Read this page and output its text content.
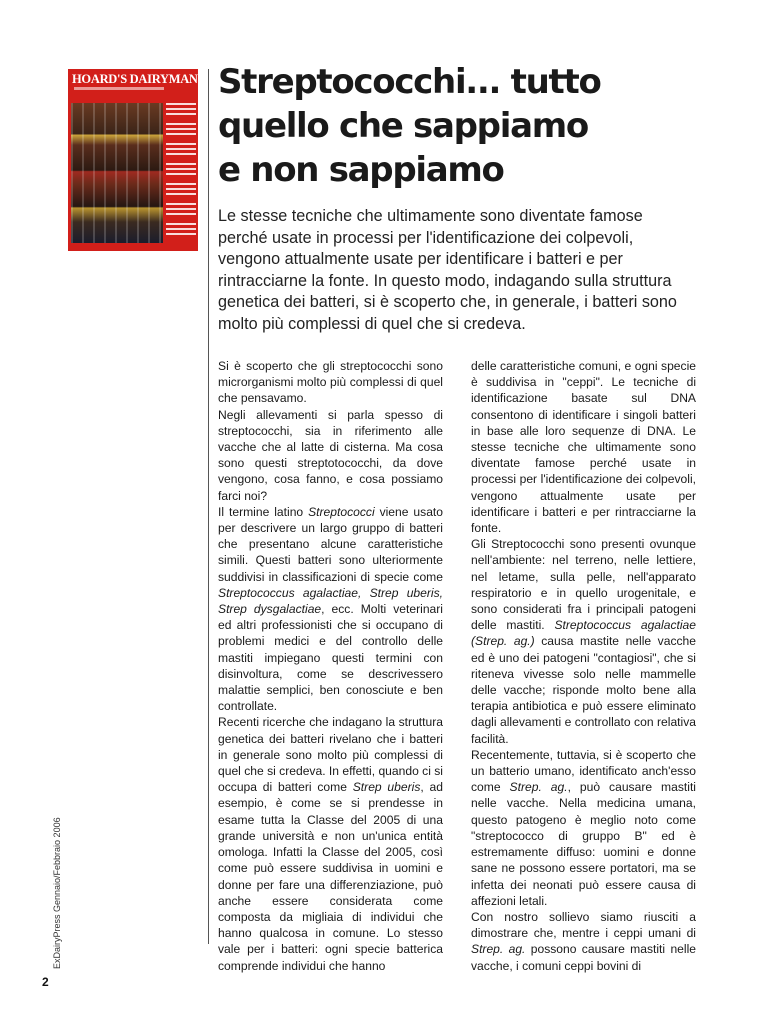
HOARD'S DAIRYMAN Streptococchi... tutto
quello che sappiamo
e non sappiamo

Le stesse tecniche che ultimamente sono diventate famose perché usate in processi per l'identificazione dei colpevoli, vengono attualmente usate per identificare i batteri e per rintracciarne la fonte. In questo modo, indagando sulla struttura genetica dei batteri, si è scoperto che, in generale, i batteri sono molto più complessi di quel che si credeva.

Si è scoperto che gli streptococchi sono microrganismi molto più complessi di quel che pensavamo.

Negli allevamenti si parla spesso di streptococchi, sia in riferimento alle vacche che al latte di cisterna. Ma cosa sono questi streptotococchi, da dove vengono, cosa fanno, e cosa possiamo farci noi?

Il termine latino Streptococci viene usato per descrivere un largo gruppo di batteri che presentano alcune caratteristiche simili. Questi batteri sono ulteriormente suddivisi in classificazioni di specie come Streptococcus agalactiae, Strep uberis, Strep dysgalactiae, ecc. Molti veterinari ed altri professionisti che si occupano di problemi medici e del controllo delle mastiti impiegano questi termini con disinvoltura, come se descrivessero malattie semplici, ben conosciute e ben controllate.

Recenti ricerche che indagano la struttura genetica dei batteri rivelano che i batteri in generale sono molto più complessi di quel che si credeva. In effetti, quando ci si occupa di batteri come Strep uberis, ad esempio, è come se si prendesse in esame tutta la Classe del 2005 di una grande università e non un'unica entità omologa. Infatti la Classe del 2005, così come può essere suddivisa in uomini e donne per fare una differenziazione, può anche essere considerata come composta da migliaia di individui che hanno qualcosa in comune. Lo stesso vale per i batteri: ogni specie batterica comprende individui che hanno

delle caratteristiche comuni, e ogni specie è suddivisa in "ceppi". Le tecniche di identificazione basate sul DNA consentono di identificare i singoli batteri in base alle loro sequenze di DNA. Le stesse tecniche che ultimamente sono diventate famose perché usate in processi per l'identificazione dei colpevoli, vengono attualmente usate per identificare i batteri e per rintracciarne la fonte.

Gli Streptococchi sono presenti ovunque nell'ambiente: nel terreno, nelle lettiere, nel letame, sulla pelle, nell'apparato respiratorio e in quello urogenitale, e sono considerati fra i principali patogeni delle mastiti. Streptococcus agalactiae (Strep. ag.) causa mastite nelle vacche ed è uno dei patogeni "contagiosi", che si riteneva vivesse solo nelle mammelle delle vacche; risponde molto bene alla terapia antibiotica e può essere eliminato dagli allevamenti e controllato con relativa facilità.

Recentemente, tuttavia, si è scoperto che un batterio umano, identificato anch'esso come Strep. ag., può causare mastiti nelle vacche. Nella medicina umana, questo patogeno è meglio noto come "streptococco di gruppo B" ed è estremamente diffuso: uomini e donne sane ne possono essere portatori, ma se infetta dei neonati può essere causa di affezioni letali.

Con nostro sollievo siamo riusciti a dimostrare che, mentre i ceppi umani di Strep. ag. possono causare mastiti nelle vacche, i comuni ceppi bovini di

ExDairyPress Gennaio/Febbraio 2006
2
